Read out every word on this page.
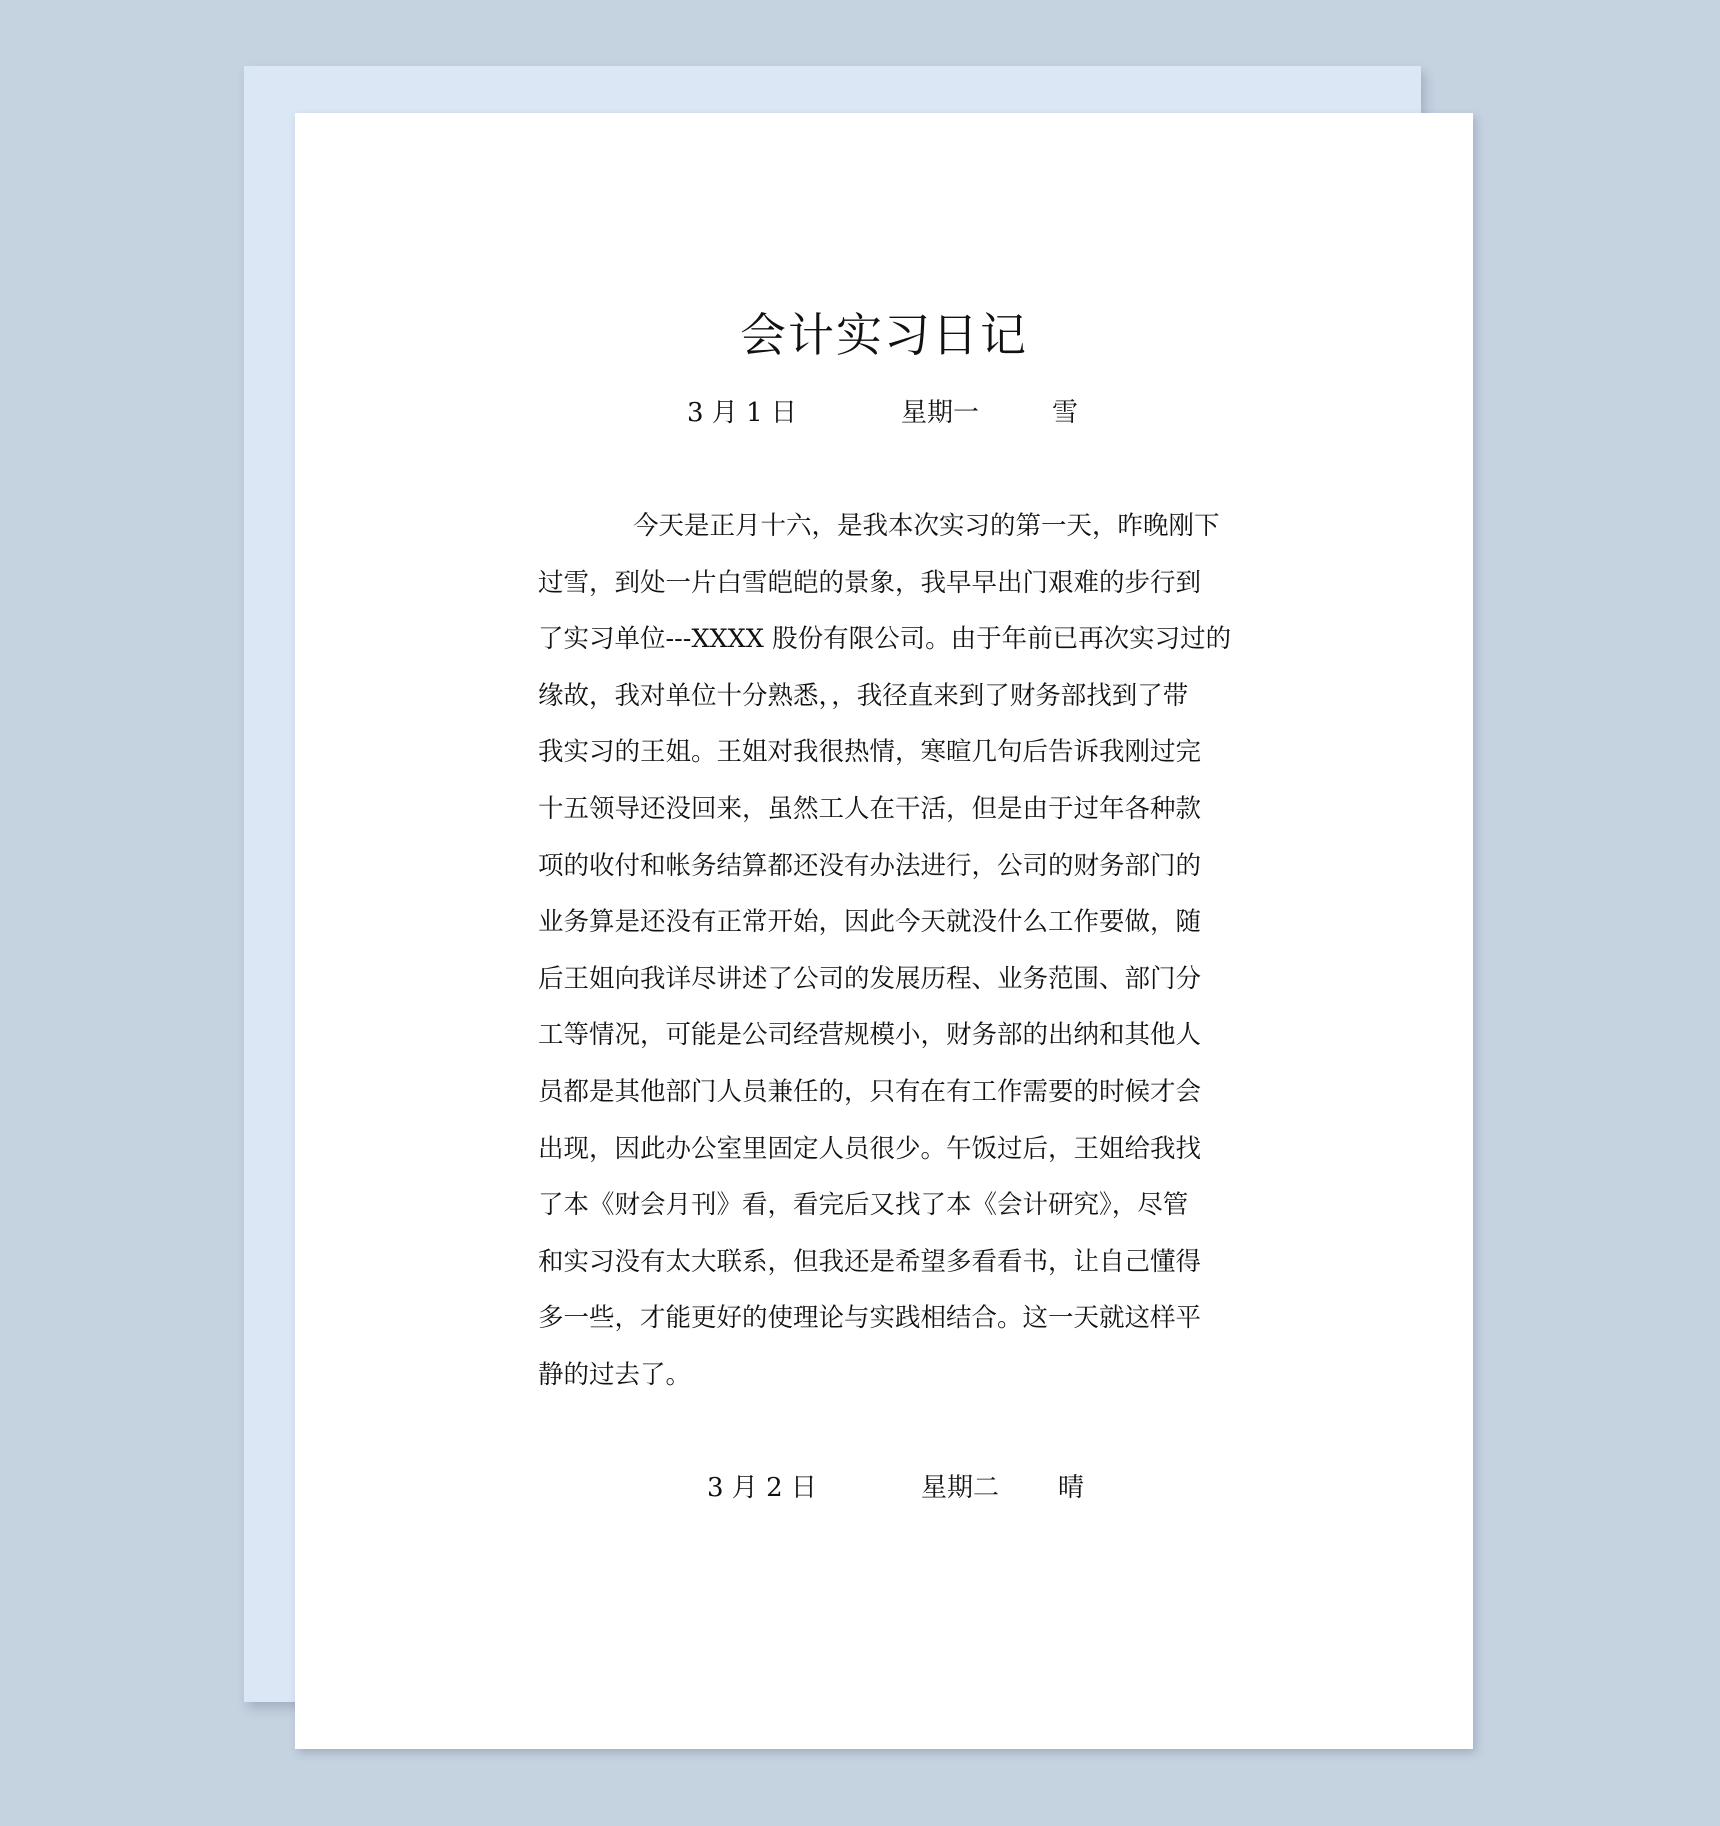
会计实习日记
3 月 1 日	星期一	雪
今天是正月十六，是我本次实习的第一天，昨晚刚下
过雪，到处一片白雪皑皑的景象，我早早出门艰难的步行到
了实习单位---XXXX 股份有限公司。由于年前已再次实习过的
缘故，我对单位十分熟悉，，我径直来到了财务部找到了带
我实习的王姐。王姐对我很热情，寒暄几句后告诉我刚过完
十五领导还没回来，虽然工人在干活，但是由于过年各种款
项的收付和帐务结算都还没有办法进行，公司的财务部门的
业务算是还没有正常开始，因此今天就没什么工作要做，随
后王姐向我详尽讲述了公司的发展历程、业务范围、部门分
工等情况，可能是公司经营规模小，财务部的出纳和其他人
员都是其他部门人员兼任的，只有在有工作需要的时候才会
出现，因此办公室里固定人员很少。午饭过后，王姐给我找
了本《财会月刊》看，看完后又找了本《会计研究》，尽管
和实习没有太大联系，但我还是希望多看看书，让自己懂得
多一些，才能更好的使理论与实践相结合。这一天就这样平
静的过去了。
3 月 2 日	星期二 晴
